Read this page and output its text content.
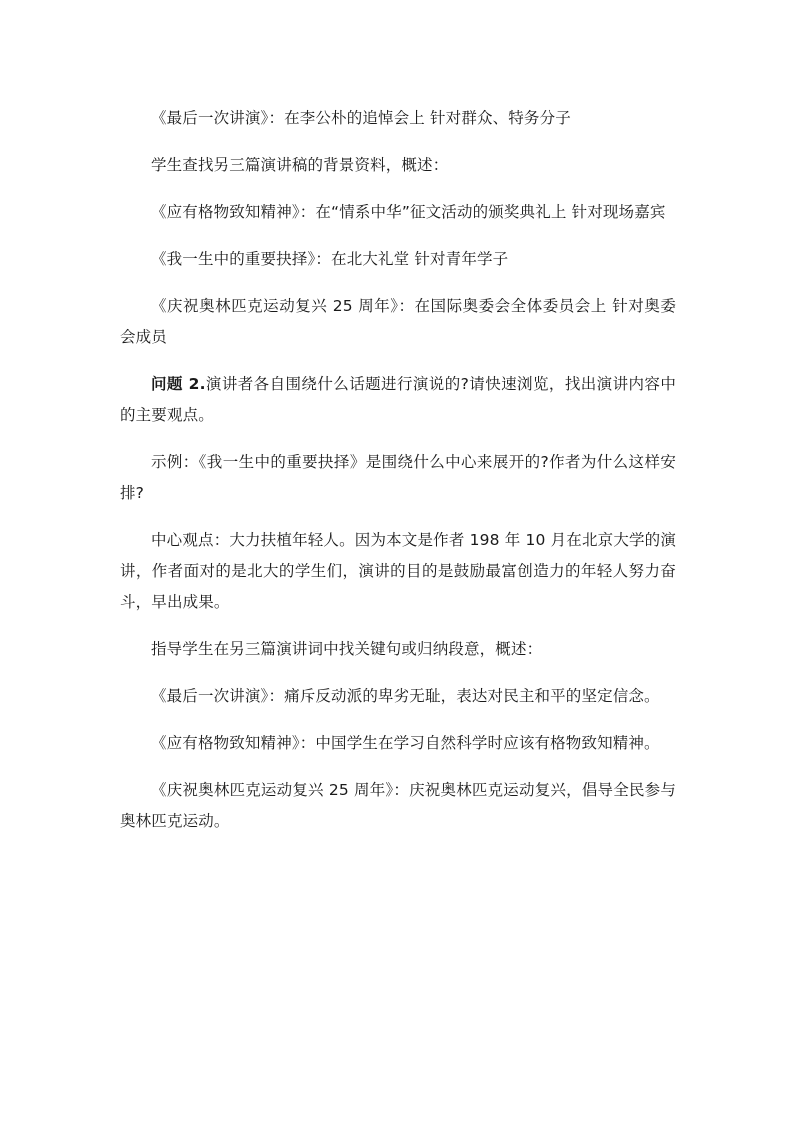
《最后一次讲演》：在李公朴的追悼会上 针对群众、特务分子

学生查找另三篇演讲稿的背景资料，概述：

《应有格物致知精神》：在“情系中华”征文活动的颁奖典礼上 针对现场嘉宾

《我一生中的重要抉择》：在北大礼堂 针对青年学子

《庆祝奥林匹克运动复兴 25 周年》：在国际奥委会全体委员会上 针对奥委会成员

问题 2.演讲者各自围绕什么话题进行演说的?请快速浏览，找出演讲内容中的主要观点。

示例：《我一生中的重要抉择》是围绕什么中心来展开的?作者为什么这样安排?

中心观点：大力扶植年轻人。因为本文是作者 198 年 10 月在北京大学的演讲，作者面对的是北大的学生们，演讲的目的是鼓励最富创造力的年轻人努力奋斗，早出成果。

指导学生在另三篇演讲词中找关键句或归纳段意，概述：

《最后一次讲演》：痛斥反动派的卑劣无耻，表达对民主和平的坚定信念。

《应有格物致知精神》：中国学生在学习自然科学时应该有格物致知精神。

《庆祝奥林匹克运动复兴 25 周年》：庆祝奥林匹克运动复兴，倡导全民参与奥林匹克运动。
